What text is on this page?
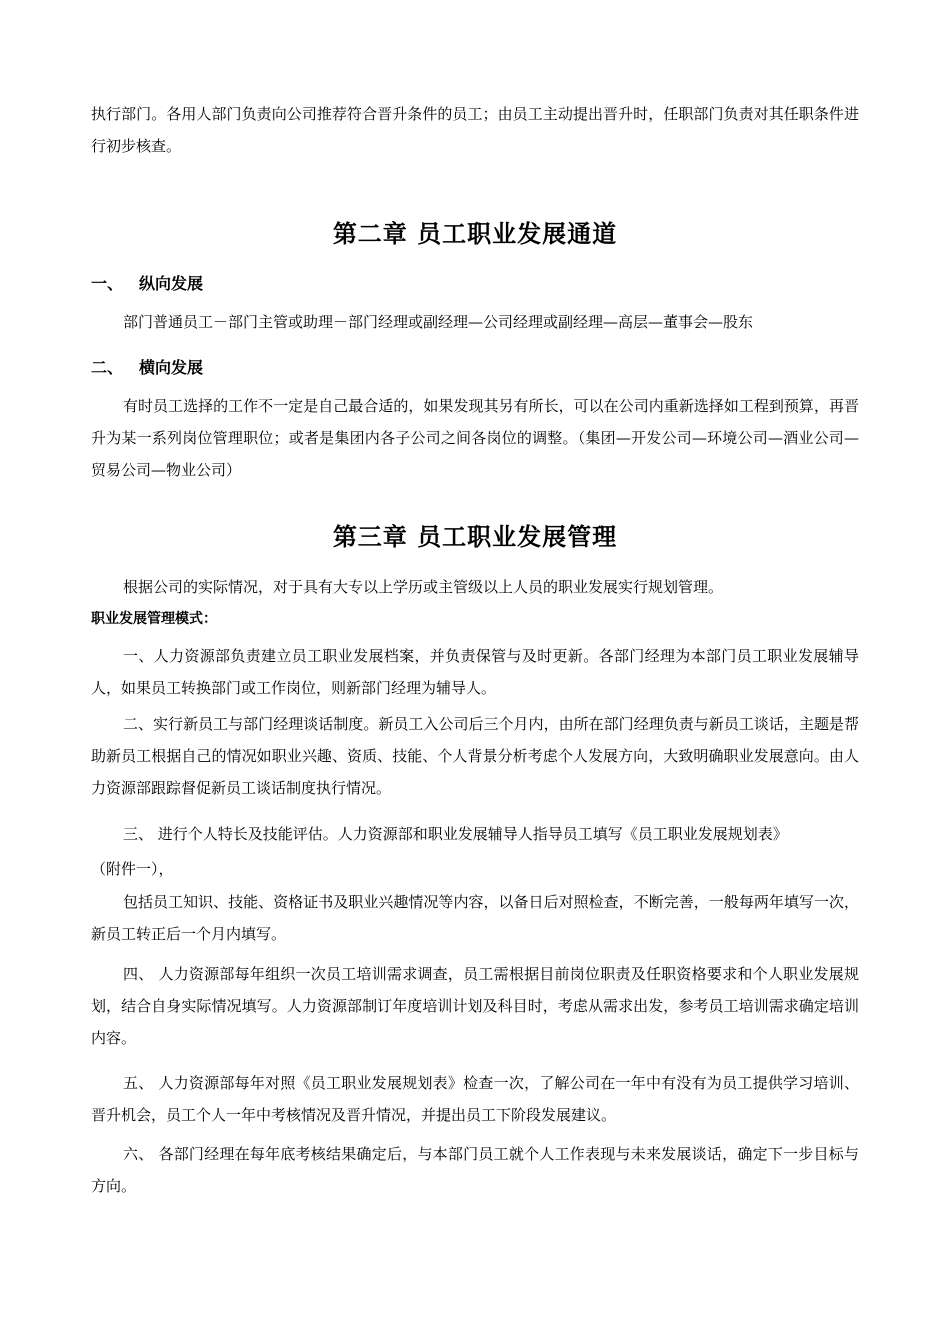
执行部门。各用人部门负责向公司推荐符合晋升条件的员工；由员工主动提出晋升时，任职部门负责对其任职条件进行初步核查。

第二章 员工职业发展通道
一、 纵向发展

部门普通员工－部门主管或助理－部门经理或副经理—公司经理或副经理—高层—董事会—股东

二、 横向发展

有时员工选择的工作不一定是自己最合适的，如果发现其另有所长，可以在公司内重新选择如工程到预算，再晋升为某一系列岗位管理职位；或者是集团内各子公司之间各岗位的调整。（集团—开发公司—环境公司—酒业公司—贸易公司—物业公司）

第三章 员工职业发展管理

根据公司的实际情况，对于具有大专以上学历或主管级以上人员的职业发展实行规划管理。

职业发展管理模式：

一、人力资源部负责建立员工职业发展档案，并负责保管与及时更新。各部门经理为本部门员工职业发展辅导人，如果员工转换部门或工作岗位，则新部门经理为辅导人。

二、实行新员工与部门经理谈话制度。新员工入公司后三个月内，由所在部门经理负责与新员工谈话，主题是帮助新员工根据自己的情况如职业兴趣、资质、技能、个人背景分析考虑个人发展方向，大致明确职业发展意向。由人力资源部跟踪督促新员工谈话制度执行情况。

三、 进行个人特长及技能评估。人力资源部和职业发展辅导人指导员工填写《员工职业发展规划表》

（附件一），

包括员工知识、技能、资格证书及职业兴趣情况等内容，以备日后对照检查，不断完善，一般每两年填写一次，新员工转正后一个月内填写。

四、 人力资源部每年组织一次员工培训需求调查，员工需根据目前岗位职责及任职资格要求和个人职业发展规划，结合自身实际情况填写。人力资源部制订年度培训计划及科目时，考虑从需求出发，参考员工培训需求确定培训内容。

五、 人力资源部每年对照《员工职业发展规划表》检查一次，了解公司在一年中有没有为员工提供学习培训、晋升机会，员工个人一年中考核情况及晋升情况，并提出员工下阶段发展建议。

六、 各部门经理在每年底考核结果确定后，与本部门员工就个人工作表现与未来发展谈话，确定下一步目标与方向。
